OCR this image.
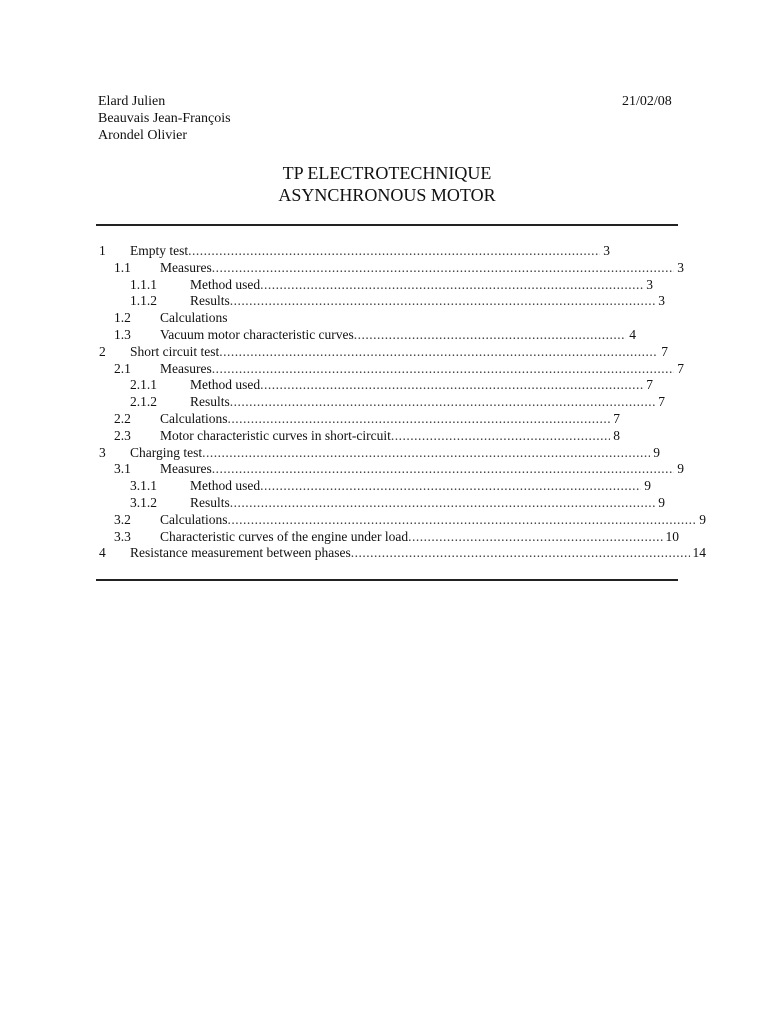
Elard Julien
Beauvais Jean-François
Arondel Olivier
21/02/08
TP ELECTROTECHNIQUE
ASYNCHRONOUS MOTOR
1 Empty test .....	3
1.1 Measures .....	3
1.1.1 Method used .....	3
1.1.2 Results .....	3
1.2 Calculations
1.3 Vacuum motor characteristic curves .....	4
2 Short circuit test .....	7
2.1 Measures .....	7
2.1.1 Method used .....	7
2.1.2 Results .....	7
2.2 Calculations .....	7
2.3 Motor characteristic curves in short-circuit .....	8
3 Charging test .....	9
3.1 Measures .....	9
3.1.1 Method used .....	9
3.1.2 Results .....	9
3.2 Calculations .....	9
3.3 Characteristic curves of the engine under load .....	10
4 Resistance measurement between phases .....	14
